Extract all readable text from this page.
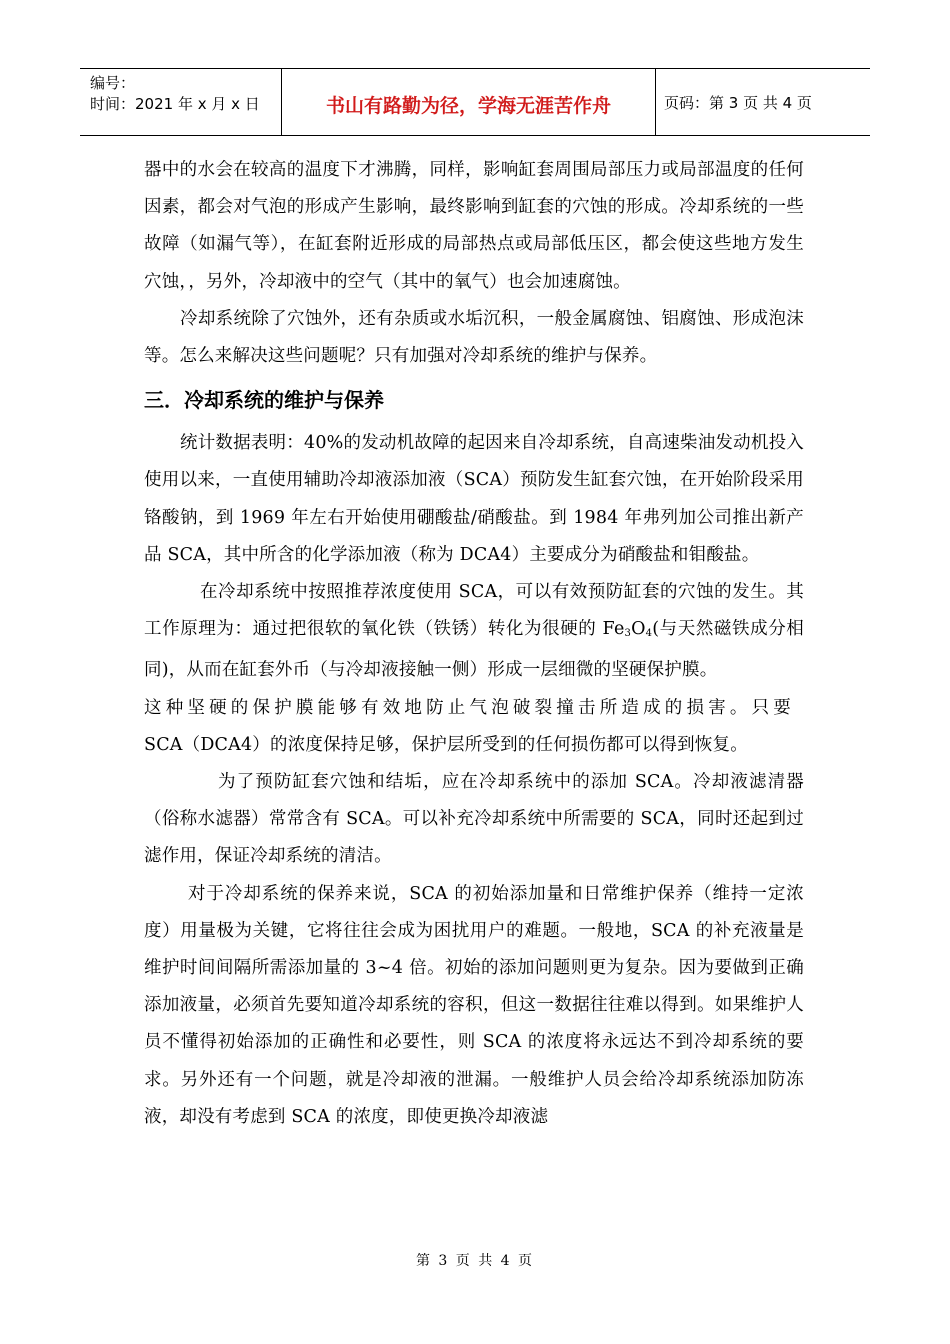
编号：
时间：2021 年 x 月 x 日	书山有路勤为径，学海无涯苦作舟	页码：第 3 页 共 4 页

器中的水会在较高的温度下才沸腾，同样，影响缸套周围局部压力或局部温度的任何因素，都会对气泡的形成产生影响，最终影响到缸套的穴蚀的形成。冷却系统的一些故障（如漏气等），在缸套附近形成的局部热点或局部低压区，都会使这些地方发生穴蚀，，另外，冷却液中的空气（其中的氧气）也会加速腐蚀。

冷却系统除了穴蚀外，还有杂质或水垢沉积，一般金属腐蚀、铝腐蚀、形成泡沫等。怎么来解决这些问题呢？只有加强对冷却系统的维护与保养。

三．冷却系统的维护与保养

统计数据表明：40%的发动机故障的起因来自冷却系统，自高速柴油发动机投入使用以来，一直使用辅助冷却液添加液（SCA）预防发生缸套穴蚀，在开始阶段采用铬酸钠，到 1969 年左右开始使用硼酸盐/硝酸盐。到 1984 年弗列加公司推出新产品 SCA，其中所含的化学添加液（称为 DCA4）主要成分为硝酸盐和钼酸盐。

在冷却系统中按照推荐浓度使用 SCA，可以有效预防缸套的穴蚀的发生。其工作原理为：通过把很软的氧化铁（铁锈）转化为很硬的 $Fe_3O_4$(与天然磁铁成分相同)，从而在缸套外币（与冷却液接触一侧）形成一层细微的坚硬保护膜。
这种坚硬的保护膜能够有效地防止气泡破裂撞击所造成的损害。只要
SCA（DCA4）的浓度保持足够，保护层所受到的任何损伤都可以得到恢复。

为了预防缸套穴蚀和结垢，应在冷却系统中的添加 SCA。冷却液滤清器（俗称水滤器）常常含有 SCA。可以补充冷却系统中所需要的 SCA，同时还起到过滤作用，保证冷却系统的清洁。

对于冷却系统的保养来说，SCA 的初始添加量和日常维护保养（维持一定浓度）用量极为关键，它将往往会成为困扰用户的难题。一般地，SCA 的补充液量是维护时间间隔所需添加量的 3~4 倍。初始的添加问题则更为复杂。因为要做到正确添加液量，必须首先要知道冷却系统的容积，但这一数据往往难以得到。如果维护人员不懂得初始添加的正确性和必要性，则 SCA 的浓度将永远达不到冷却系统的要求。另外还有一个问题，就是冷却液的泄漏。一般维护人员会给冷却系统添加防冻液，却没有考虑到 SCA 的浓度，即使更换冷却液滤

第 3 页 共 4 页
